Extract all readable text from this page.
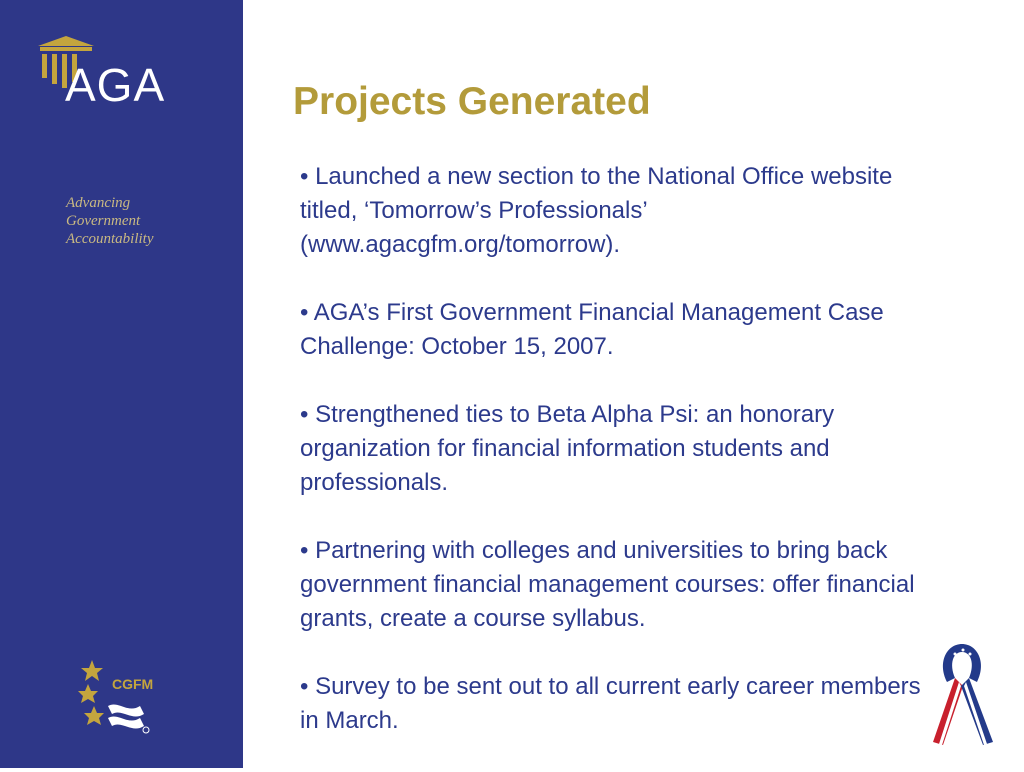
AGA
Advancing
Government
Accountability
CGFM
Projects Generated
• Launched a new section to the National Office website titled, ‘Tomorrow’s Professionals’ (www.agacgfm.org/tomorrow).
• AGA’s First Government Financial Management Case Challenge: October 15, 2007.
• Strengthened ties to Beta Alpha Psi: an honorary organization for financial information students and professionals.
• Partnering with colleges and universities to bring back government financial management courses: offer financial grants, create a course syllabus.
• Survey to be sent out to all current early career members in March.
